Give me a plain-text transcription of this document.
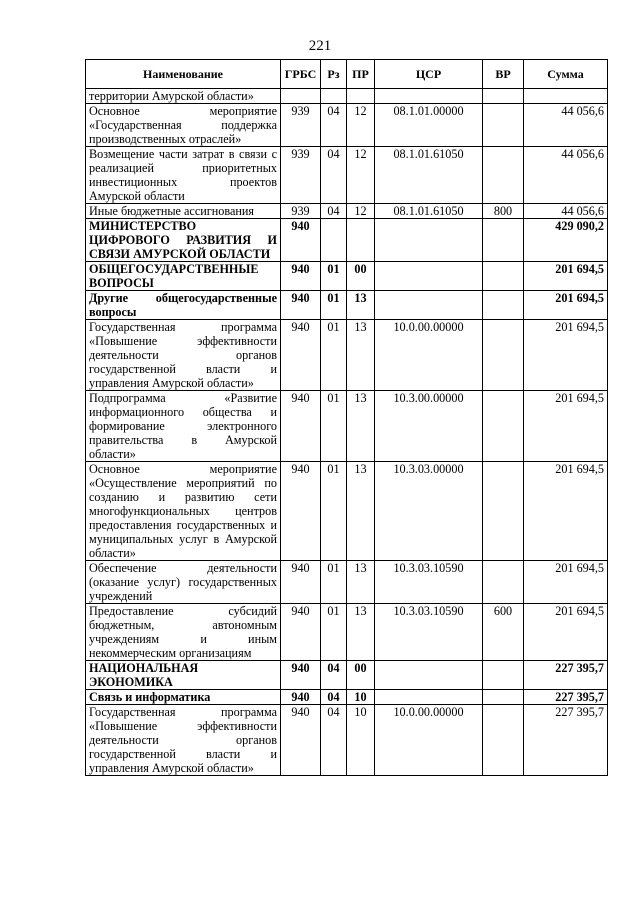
221
Наименование	ГРБС	Рз	ПР	ЦСР	ВР	Сумма
территории Амурской области»						
Основное мероприятие «Государственная поддержка производственных отраслей»	939	04	12	08.1.01.00000		44 056,6
Возмещение части затрат в связи с реализацией приоритетных инвестиционных проектов Амурской области	939	04	12	08.1.01.61050		44 056,6
Иные бюджетные ассигнования	939	04	12	08.1.01.61050	800	44 056,6
МИНИСТЕРСТВО ЦИФРОВОГО РАЗВИТИЯ И СВЯЗИ АМУРСКОЙ ОБЛАСТИ	940					429 090,2
ОБЩЕГОСУДАРСТВЕННЫЕ ВОПРОСЫ	940	01	00			201 694,5
Другие общегосударственные вопросы	940	01	13			201 694,5
Государственная программа «Повышение эффективности деятельности органов государственной власти и управления Амурской области»	940	01	13	10.0.00.00000		201 694,5
Подпрограмма «Развитие информационного общества и формирование электронного правительства в Амурской области»	940	01	13	10.3.00.00000		201 694,5
Основное мероприятие «Осуществление мероприятий по созданию и развитию сети многофункциональных центров предоставления государственных и муниципальных услуг в Амурской области»	940	01	13	10.3.03.00000		201 694,5
Обеспечение деятельности (оказание услуг) государственных учреждений	940	01	13	10.3.03.10590		201 694,5
Предоставление субсидий бюджетным, автономным учреждениям и иным некоммерческим организациям	940	01	13	10.3.03.10590	600	201 694,5
НАЦИОНАЛЬНАЯ ЭКОНОМИКА	940	04	00			227 395,7
Связь и информатика	940	04	10			227 395,7
Государственная программа «Повышение эффективности деятельности органов государственной власти и управления Амурской области»	940	04	10	10.0.00.00000		227 395,7
